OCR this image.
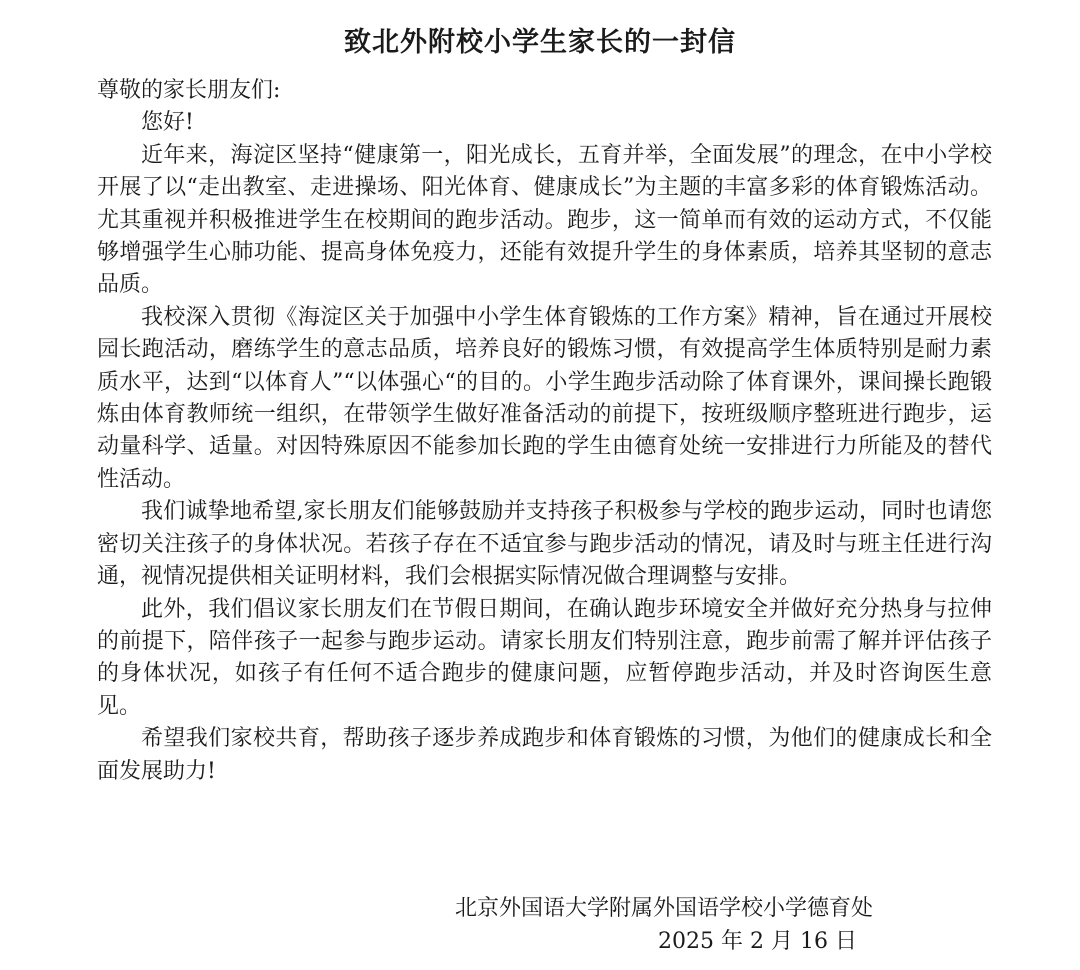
致北外附校小学生家长的一封信

尊敬的家长朋友们:

您好!

近年来，海淀区坚持“健康第一，阳光成长，五育并举，全面发展”的理念，在中小学校开展了以“走出教室、走进操场、阳光体育、健康成长”为主题的丰富多彩的体育锻炼活动。尤其重视并积极推进学生在校期间的跑步活动。跑步，这一简单而有效的运动方式，不仅能够增强学生心肺功能、提高身体免疫力，还能有效提升学生的身体素质，培养其坚韧的意志品质。

我校深入贯彻《海淀区关于加强中小学生体育锻炼的工作方案》精神，旨在通过开展校园长跑活动，磨练学生的意志品质，培养良好的锻炼习惯，有效提高学生体质特别是耐力素质水平，达到“以体育人”“以体强心“的目的。小学生跑步活动除了体育课外，课间操长跑锻炼由体育教师统一组织，在带领学生做好准备活动的前提下，按班级顺序整班进行跑步，运动量科学、适量。对因特殊原因不能参加长跑的学生由德育处统一安排进行力所能及的替代性活动。

我们诚挚地希望,家长朋友们能够鼓励并支持孩子积极参与学校的跑步运动，同时也请您密切关注孩子的身体状况。若孩子存在不适宜参与跑步活动的情况，请及时与班主任进行沟通，视情况提供相关证明材料，我们会根据实际情况做合理调整与安排。

此外，我们倡议家长朋友们在节假日期间，在确认跑步环境安全并做好充分热身与拉伸的前提下，陪伴孩子一起参与跑步运动。请家长朋友们特别注意，跑步前需了解并评估孩子的身体状况，如孩子有任何不适合跑步的健康问题，应暂停跑步活动，并及时咨询医生意见。

希望我们家校共育，帮助孩子逐步养成跑步和体育锻炼的习惯，为他们的健康成长和全面发展助力!

北京外国语大学附属外国语学校小学德育处
2025 年 2 月 16 日
